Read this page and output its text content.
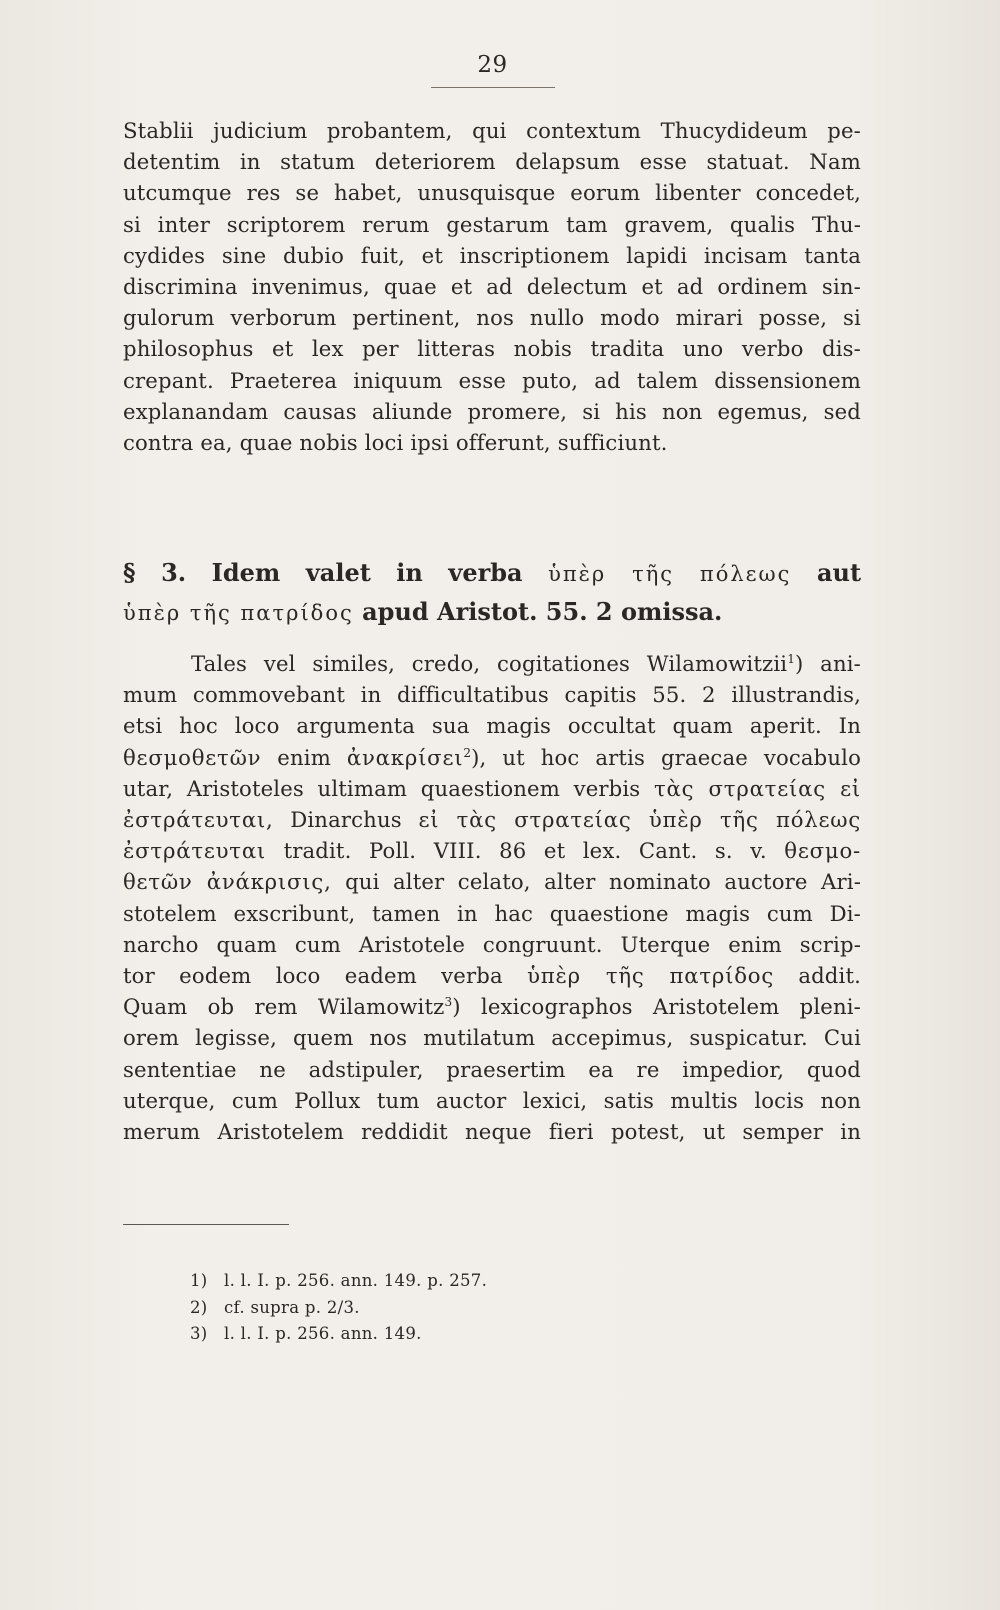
29
Stablii judicium probantem, qui contextum Thucydideum pe-
detentim in statum deteriorem delapsum esse statuat. Nam
utcumque res se habet, unusquisque eorum libenter concedet,
si inter scriptorem rerum gestarum tam gravem, qualis Thu-
cydides sine dubio fuit, et inscriptionem lapidi incisam tanta
discrimina invenimus, quae et ad delectum et ad ordinem sin-
gulorum verborum pertinent, nos nullo modo mirari posse, si
philosophus et lex per litteras nobis tradita uno verbo dis-
crepant. Praeterea iniquum esse puto, ad talem dissensionem
explanandam causas aliunde promere, si his non egemus, sed
contra ea, quae nobis loci ipsi offerunt, sufficiunt.
§ 3. Idem valet in verba ὑπὲρ τῆς πόλεως aut
ὑπὲρ τῆς πατρίδος apud Aristot. 55. 2 omissa.
Tales vel similes, credo, cogitationes Wilamowitzii$^1$) ani-
mum commovebant in difficultatibus capitis 55. 2 illustrandis,
etsi hoc loco argumenta sua magis occultat quam aperit. In
θεσμοθετῶν enim ἀνακρίσει$^2$), ut hoc artis graecae vocabulo
utar, Aristoteles ultimam quaestionem verbis τὰς στρατείας εἰ
ἐστράτευται, Dinarchus εἰ τὰς στρατείας ὑπὲρ τῆς πόλεως
ἐστράτευται tradit. Poll. VIII. 86 et lex. Cant. s. v. θεσμο-
θετῶν ἀνάκρισις, qui alter celato, alter nominato auctore Ari-
stotelem exscribunt, tamen in hac quaestione magis cum Di-
narcho quam cum Aristotele congruunt. Uterque enim scrip-
tor eodem loco eadem verba ὑπὲρ τῆς πατρίδος addit.
Quam ob rem Wilamowitz$^3$) lexicographos Aristotelem pleni-
orem legisse, quem nos mutilatum accepimus, suspicatur. Cui
sententiae ne adstipuler, praesertim ea re impedior, quod
uterque, cum Pollux tum auctor lexici, satis multis locis non
merum Aristotelem reddidit neque fieri potest, ut semper in
1) l. l. I. p. 256. ann. 149. p. 257.
2) cf. supra p. 2/3.
3) l. l. I. p. 256. ann. 149.
